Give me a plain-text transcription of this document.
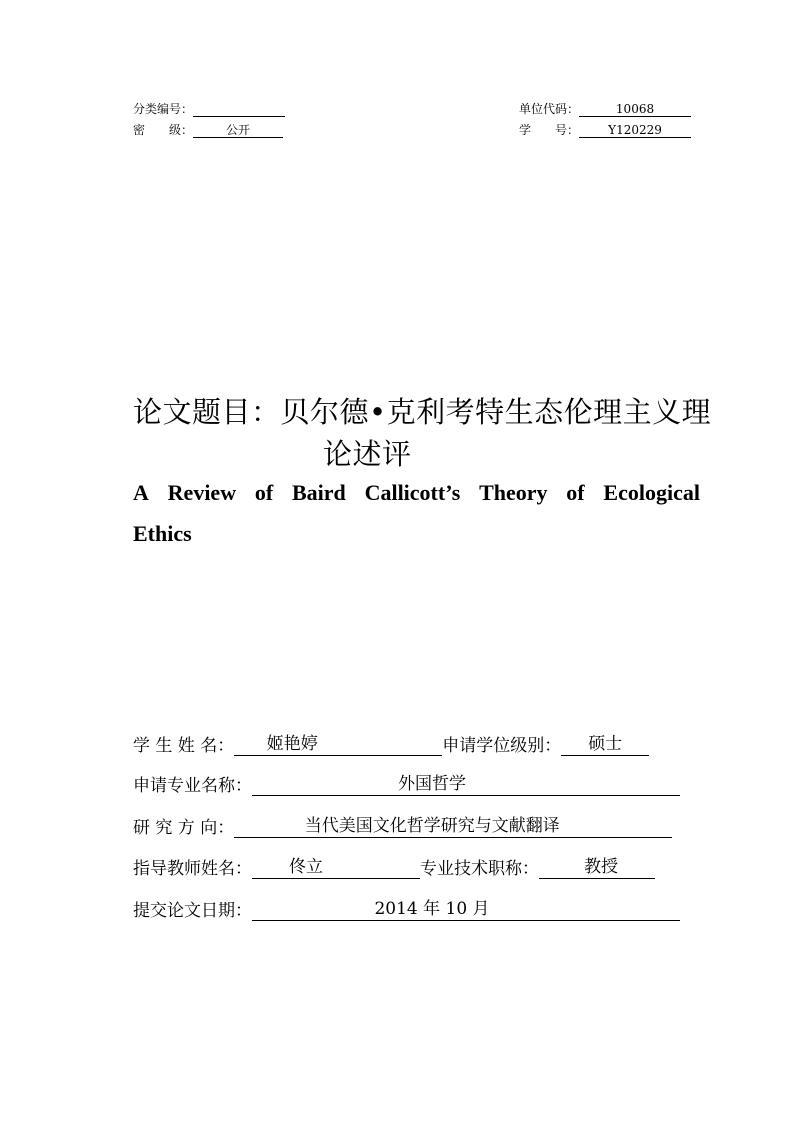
分类编号：
密　　级：	公开
单位代码：	10068
学　　号： Y120229
论文题目：贝尔德•克利考特生态伦理主义理
论述评
A Review of Baird Callicott’s Theory of Ecological
Ethics
学 生 姓 名：	姬艳婷	申请学位级别：	硕士
申请专业名称：	外国哲学
研 究 方 向：	当代美国文化哲学研究与文献翻译
指导教师姓名：	佟立	专业技术职称：	教授
提交论文日期：	2014 年 10 月
